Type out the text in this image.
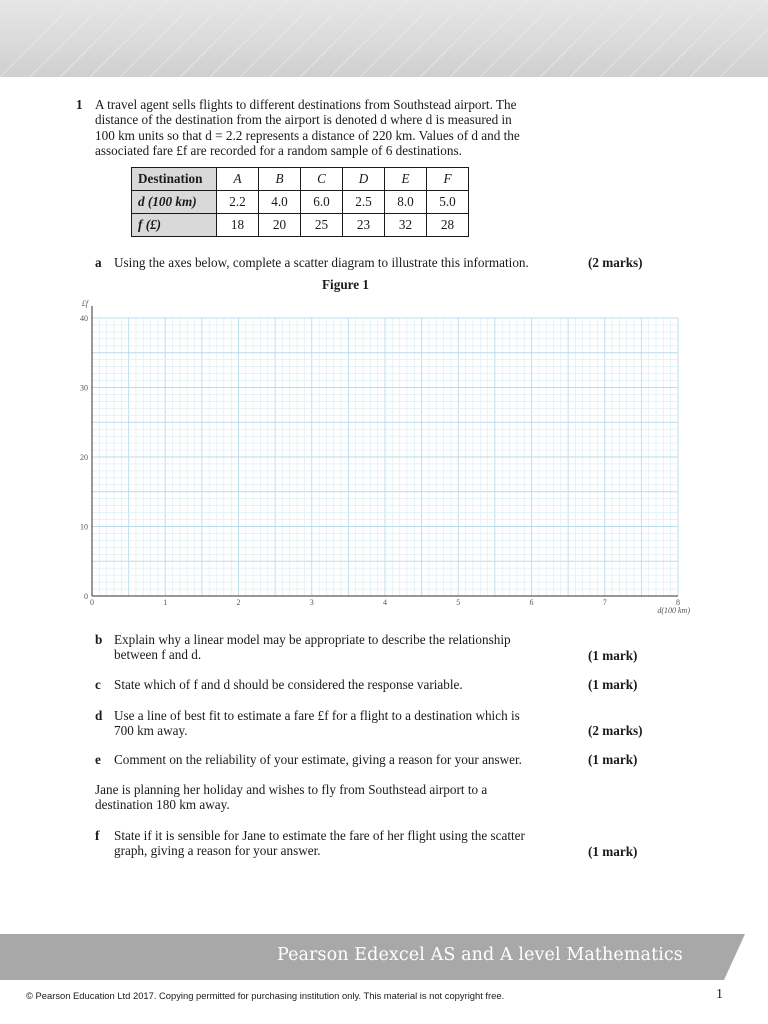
1 A travel agent sells flights to different destinations from Southstead airport. The
distance of the destination from the airport is denoted d where d is measured in
100 km units so that d = 2.2 represents a distance of 220 km. Values of d and the
associated fare £f are recorded for a random sample of 6 destinations.
Destination	A	B	C	D	E	F
d (100 km)	2.2	4.0	6.0	2.5	8.0	5.0
f (£)	18	20	25	23	32	28
a Using the axes below, complete a scatter diagram to illustrate this information.	(2 marks)
Figure 1
0	1	2	3	4	5	6	7	8
0
10
20
30
40
d(100 km)
£f
b Explain why a linear model may be appropriate to describe the relationship
between f and d.	(1 mark)
c State which of f and d should be considered the response variable.	(1 mark)
d Use a line of best fit to estimate a fare £f for a flight to a destination which is
700 km away.	(2 marks)
e Comment on the reliability of your estimate, giving a reason for your answer.	(1 mark)
Jane is planning her holiday and wishes to fly from Southstead airport to a
destination 180 km away.
f State if it is sensible for Jane to estimate the fare of her flight using the scatter
graph, giving a reason for your answer.	(1 mark)
Pearson Edexcel AS and A level Mathematics
© Pearson Education Ltd 2017. Copying permitted for purchasing institution only. This material is not copyright free.	1
